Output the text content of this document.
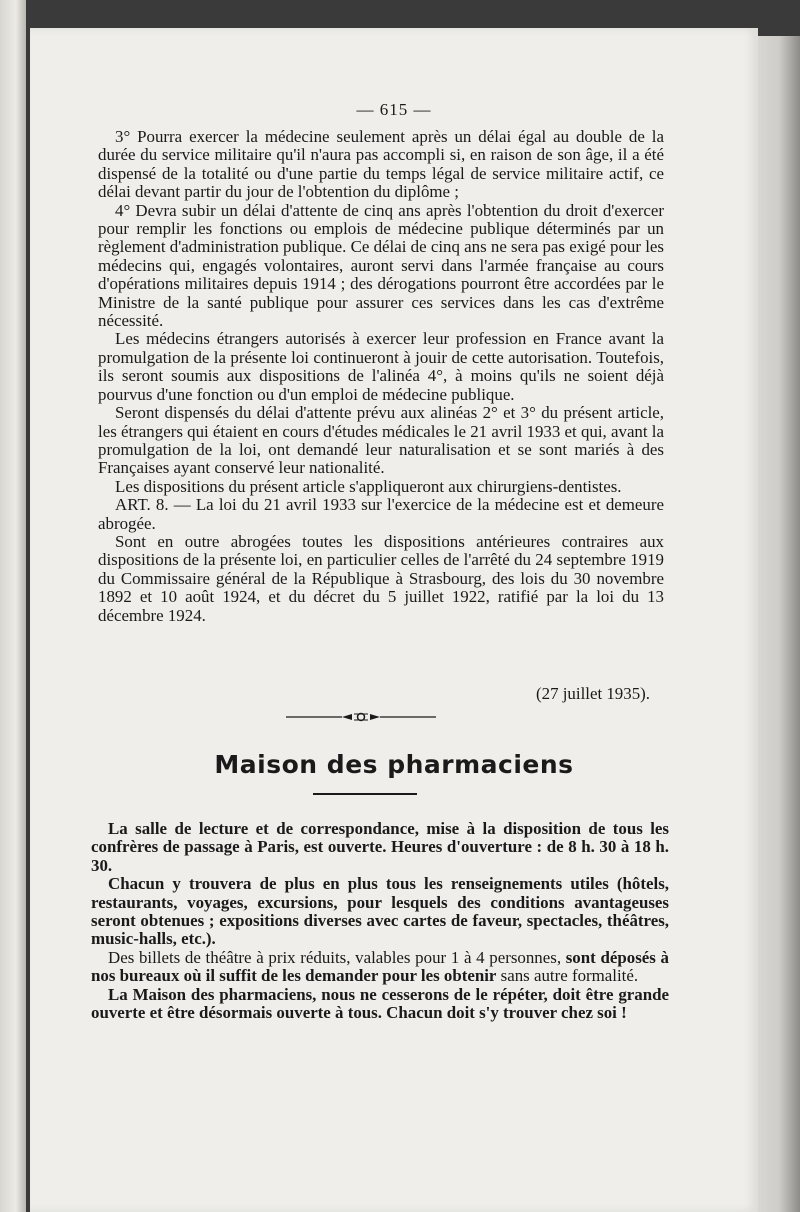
— 615 —

3° Pourra exercer la médecine seulement après un délai égal au double de la durée du service militaire qu'il n'aura pas accompli si, en raison de son âge, il a été dispensé de la totalité ou d'une partie du temps légal de service militaire actif, ce délai devant partir du jour de l'obtention du diplôme ;

4° Devra subir un délai d'attente de cinq ans après l'obtention du droit d'exercer pour remplir les fonctions ou emplois de médecine publique déterminés par un règlement d'administration publique. Ce délai de cinq ans ne sera pas exigé pour les médecins qui, engagés volontaires, auront servi dans l'armée française au cours d'opérations militaires depuis 1914 ; des dérogations pourront être accordées par le Ministre de la santé publique pour assurer ces services dans les cas d'extrême nécessité.

Les médecins étrangers autorisés à exercer leur profession en France avant la promulgation de la présente loi continueront à jouir de cette autorisation. Toutefois, ils seront soumis aux dispositions de l'alinéa 4°, à moins qu'ils ne soient déjà pourvus d'une fonction ou d'un emploi de médecine publique.

Seront dispensés du délai d'attente prévu aux alinéas 2° et 3° du présent article, les étrangers qui étaient en cours d'études médicales le 21 avril 1933 et qui, avant la promulgation de la loi, ont demandé leur naturalisation et se sont mariés à des Françaises ayant conservé leur nationalité.

Les dispositions du présent article s'appliqueront aux chirurgiens-dentistes.

ART. 8. — La loi du 21 avril 1933 sur l'exercice de la médecine est et demeure abrogée.

Sont en outre abrogées toutes les dispositions antérieures contraires aux dispositions de la présente loi, en particulier celles de l'arrêté du 24 septembre 1919 du Commissaire général de la République à Strasbourg, des lois du 30 novembre 1892 et 10 août 1924, et du décret du 5 juillet 1922, ratifié par la loi du 13 décembre 1924.

(27 juillet 1935).
Maison des pharmaciens

La salle de lecture et de correspondance, mise à la disposition de tous les confrères de passage à Paris, est ouverte. Heures d'ouverture : de 8 h. 30 à 18 h. 30.

Chacun y trouvera de plus en plus tous les renseignements utiles (hôtels, restaurants, voyages, excursions, pour lesquels des conditions avantageuses seront obtenues ; expositions diverses avec cartes de faveur, spectacles, théâtres, music-halls, etc.).

Des billets de théâtre à prix réduits, valables pour 1 à 4 personnes, sont déposés à nos bureaux où il suffit de les demander pour les obtenir sans autre formalité.

La Maison des pharmaciens, nous ne cesserons de le répéter, doit être grande ouverte et être désormais ouverte à tous. Chacun doit s'y trouver chez soi !
